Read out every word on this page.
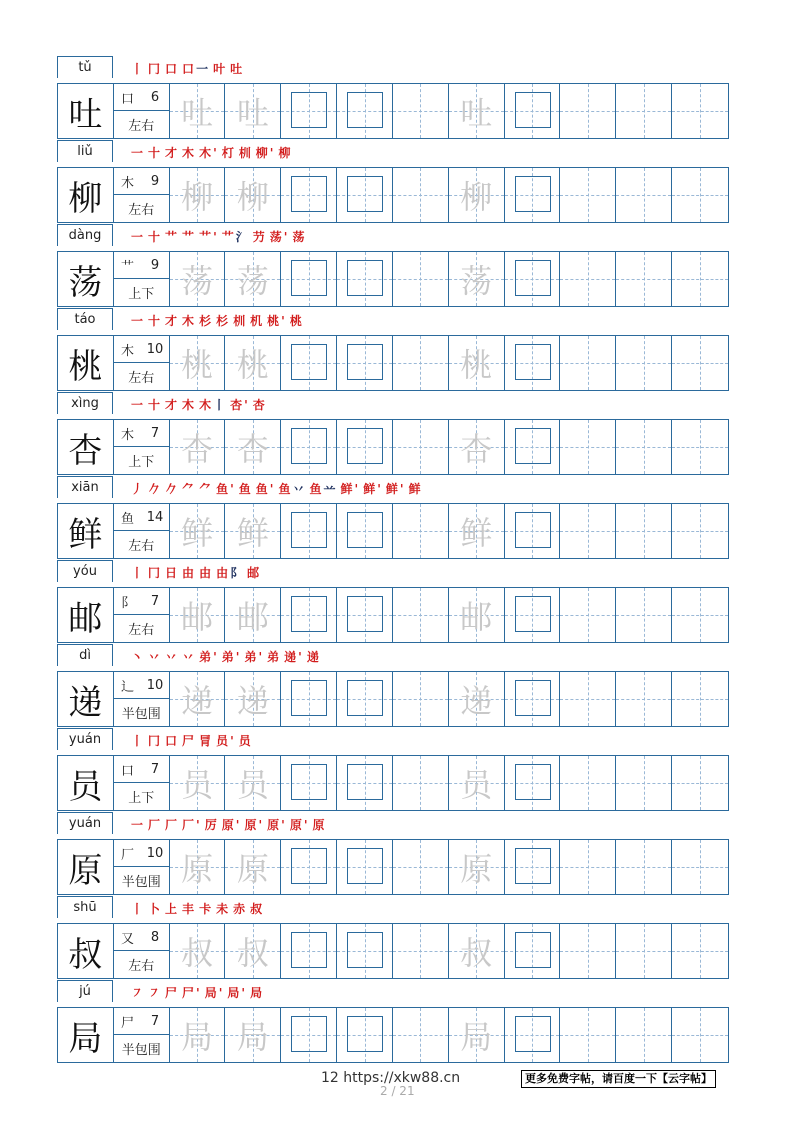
tǔ	丨 冂 口 口一 叶 吐
吐	口	6
左右 吐 吐	吐
liǔ	一 十 才 木 木' 朾 杊 柳' 柳
柳	木	9
左右 柳 柳	柳
dàng	一 十 艹 艹 艹' 艹氵 芀 荡' 荡
荡	艹	9
上下 荡 荡	荡
táo	一 十 才 木 杉 杉 杊 机 桃' 桃
桃	木 10
左右 桃 桃	桃
xìng	一 十 才 木 木丨 杏' 杏
杏	木	7
上下 杏 杏	杏
xiān	丿 𠂊 𠂊 ⺈ ⺈ 鱼' 鱼 鱼' 鱼丷 鱼䒑 鲜' 鲜' 鲜' 鲜
鲜	鱼 14
左右 鲜 鲜	鲜
yóu	丨 冂 日 由 由 由阝 邮
邮	阝	7
左右 邮 邮	邮
dì	丶 丷 丷 丷 弟' 弟' 弟' 弟 递' 递
递	辶 10
半包围 递 递	递
yuán	丨 冂 口 尸 冐 员' 员
员	口	7
上下 员 员	员
yuán	一 厂 厂 厂' 厉 原' 原' 原' 原' 原
原	厂 10
半包围 原 原	原
shū	丨 卜 上 丰 卡 未 赤 叔
叔	又	8
左右 叔 叔	叔
jú	㇇ ㇇ 尸 尸' 局' 局' 局
局	尸	7
半包围 局 局	局
12 https://xkw88.cn
2 / 21
更多免费字帖，请百度一下【云字帖】
